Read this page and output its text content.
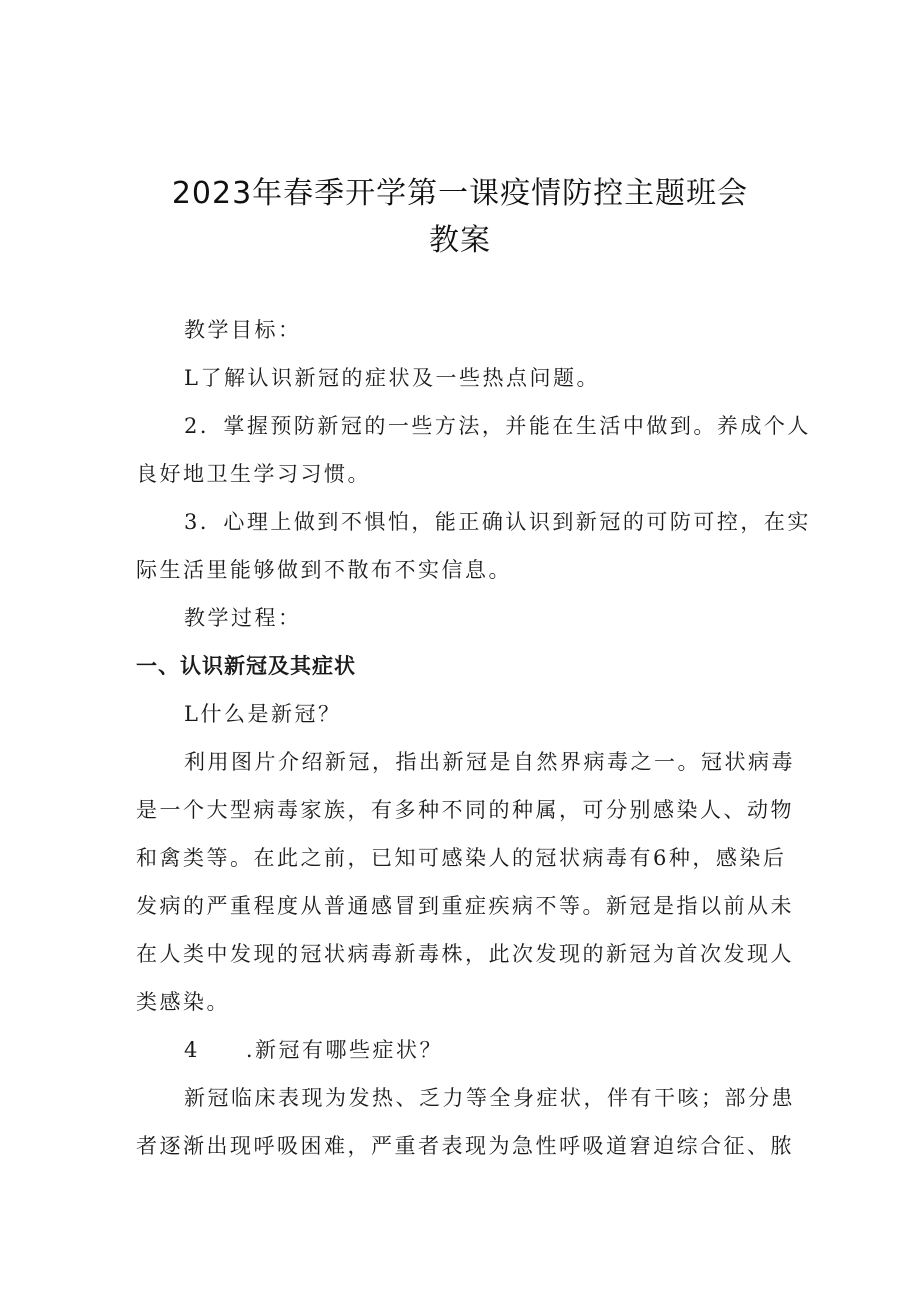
2023年春季开学第一课疫情防控主题班会
教案
教学目标：
L了解认识新冠的症状及一些热点问题。
2．掌握预防新冠的一些方法，并能在生活中做到。养成个人
良好地卫生学习习惯。
3．心理上做到不惧怕，能正确认识到新冠的可防可控，在实
际生活里能够做到不散布不实信息。
教学过程：
一、认识新冠及其症状
L什么是新冠？
利用图片介绍新冠，指出新冠是自然界病毒之一。冠状病毒
是一个大型病毒家族，有多种不同的种属，可分别感染人、动物
和禽类等。在此之前，已知可感染人的冠状病毒有6种，感染后
发病的严重程度从普通感冒到重症疾病不等。新冠是指以前从未
在人类中发现的冠状病毒新毒株，此次发现的新冠为首次发现人
类感染。
4 .新冠有哪些症状？
新冠临床表现为发热、乏力等全身症状，伴有干咳；部分患
者逐渐出现呼吸困难，严重者表现为急性呼吸道窘迫综合征、脓
